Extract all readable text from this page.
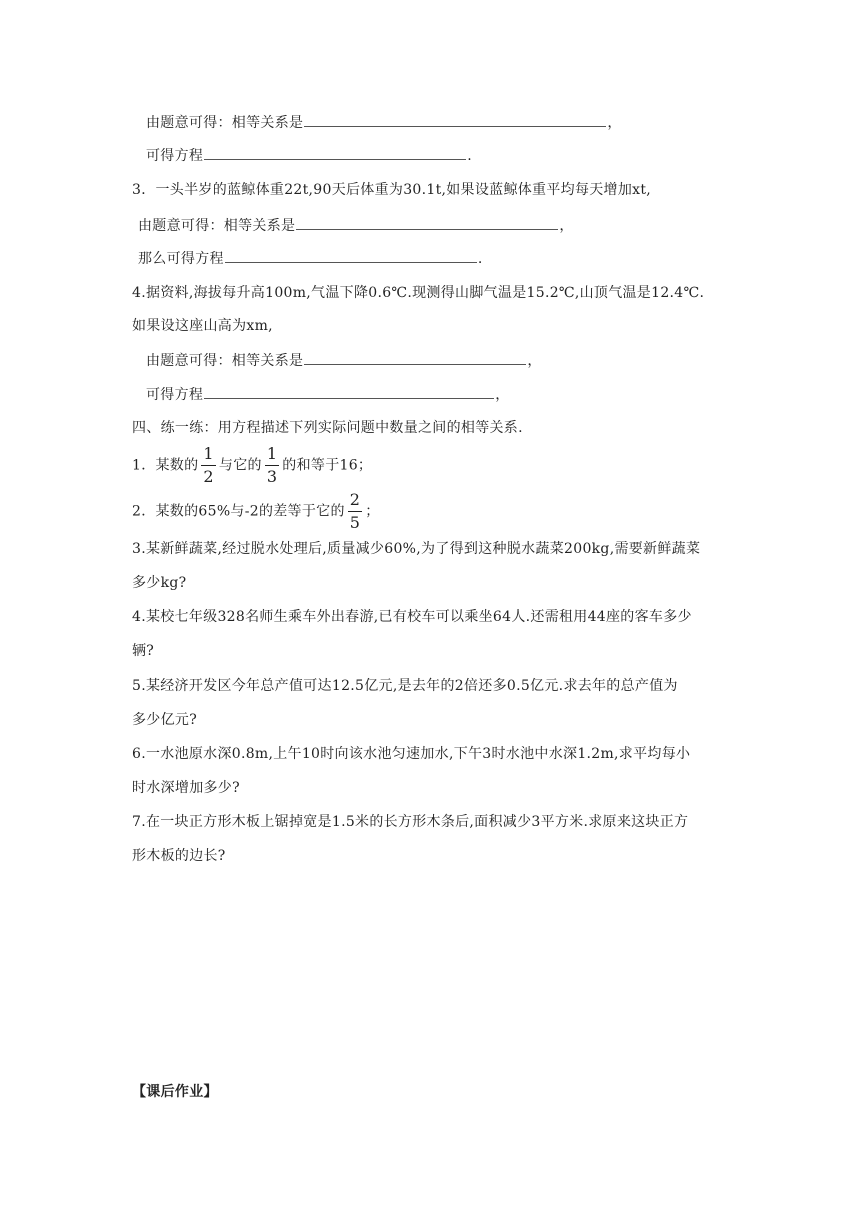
由题意可得：相等关系是	，
可得方程	.
3．一头半岁的蓝鲸体重22t,90天后体重为30.1t,如果设蓝鲸体重平均每天增加xt,
由题意可得：相等关系是	，
那么可得方程	.
4.据资料,海拔每升高100m,气温下降0.6℃.现测得山脚气温是15.2℃,山顶气温是12.4℃.
如果设这座山高为xm,
由题意可得：相等关系是	，
可得方程	，
四、练一练：用方程描述下列实际问题中数量之间的相等关系.
1．某数的 $\frac{1}{2}$ 与它的 $\frac{1}{3}$ 的和等于16；
2．某数的65%与-2的差等于它的 $\frac{2}{5}$ ；
3.某新鲜蔬菜,经过脱水处理后,质量减少60%,为了得到这种脱水蔬菜200kg,需要新鲜蔬菜
多少kg?
4.某校七年级328名师生乘车外出春游,已有校车可以乘坐64人.还需租用44座的客车多少
辆?
5.某经济开发区今年总产值可达12.5亿元,是去年的2倍还多0.5亿元.求去年的总产值为
多少亿元?
6.一水池原水深0.8m,上午10时向该水池匀速加水,下午3时水池中水深1.2m,求平均每小
时水深增加多少?
7.在一块正方形木板上锯掉宽是1.5米的长方形木条后,面积减少3平方米.求原来这块正方
形木板的边长?
【课后作业】
